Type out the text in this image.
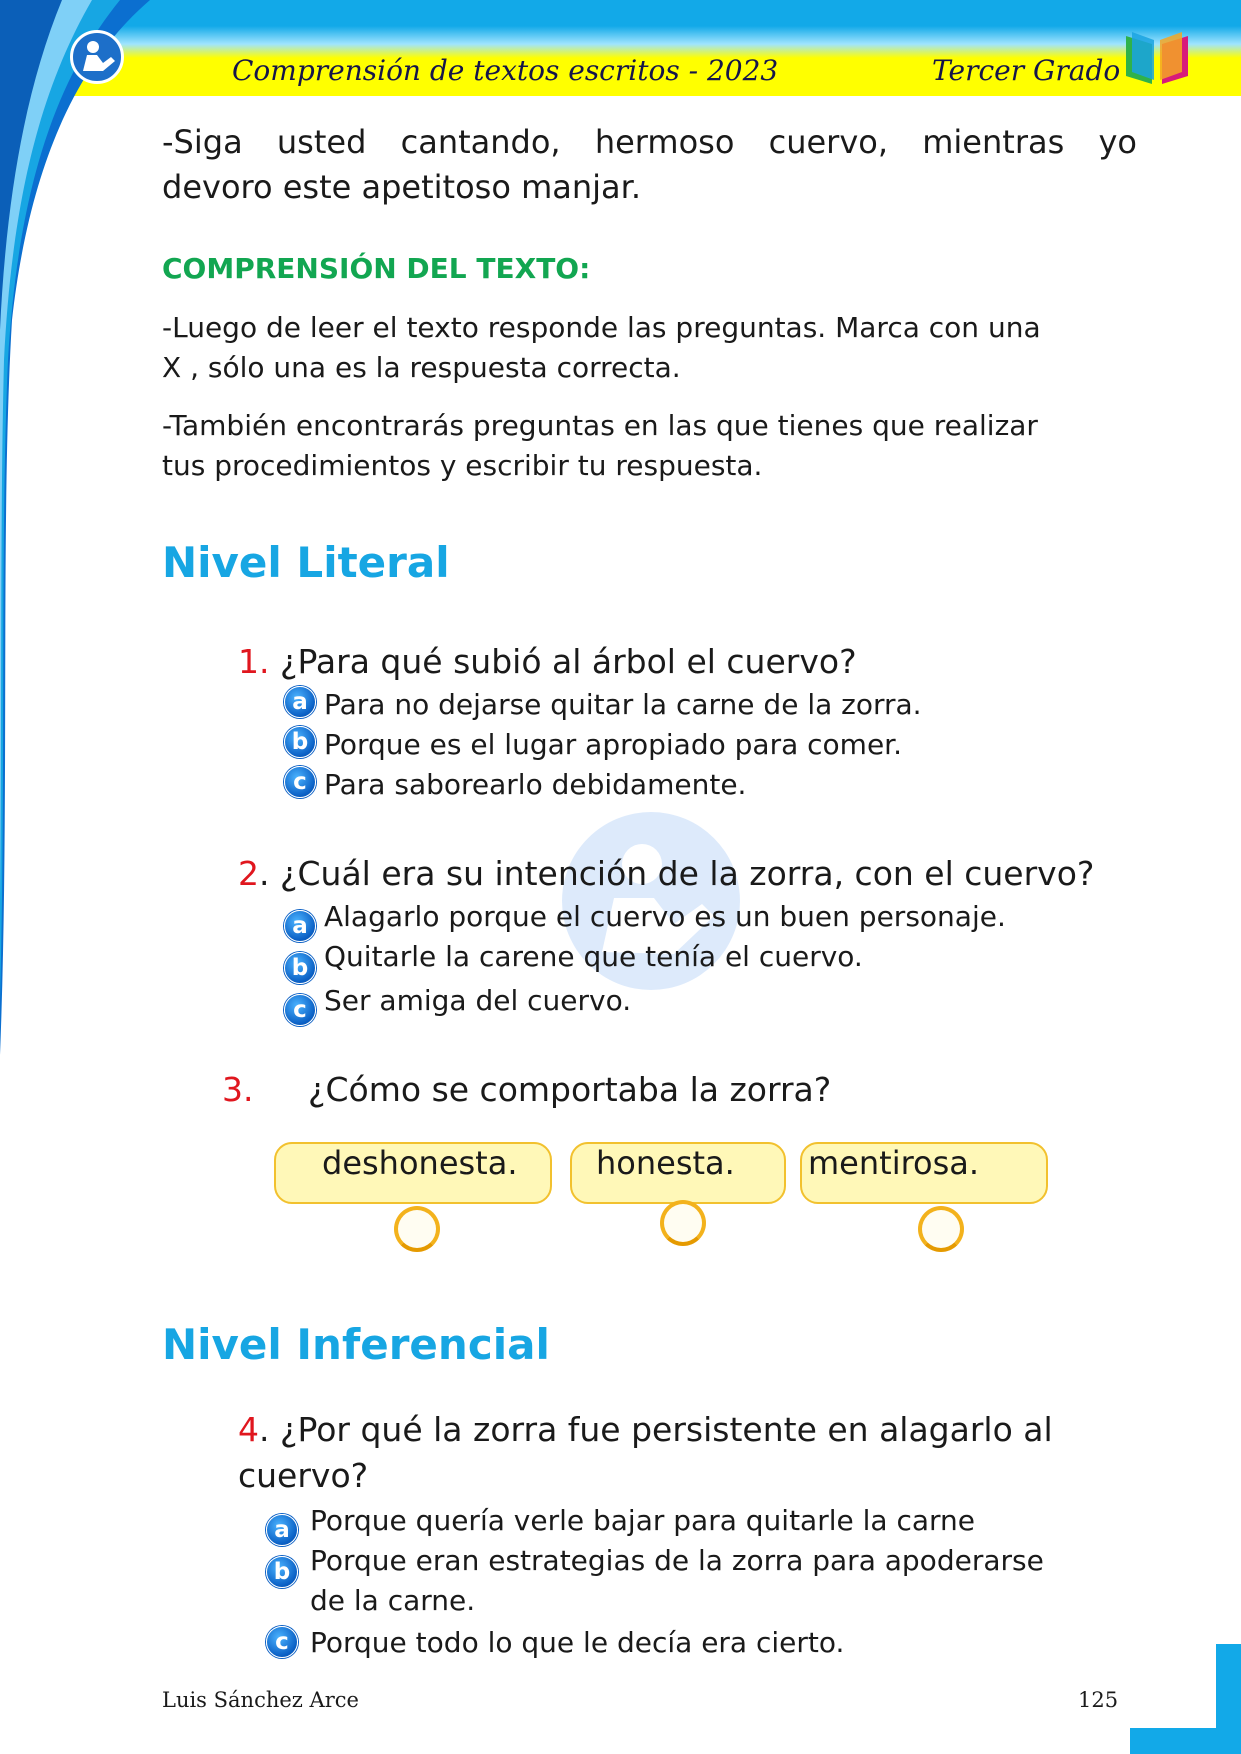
Comprensión de textos escritos - 2023	Tercer Grado
-Siga usted cantando, hermoso cuervo, mientras yo
devoro este apetitoso manjar.
COMPRENSIÓN DEL TEXTO:
-Luego de leer el texto responde las preguntas. Marca con una
X , sólo una es la respuesta correcta.
-También encontrarás preguntas en las que tienes que realizar
tus procedimientos y escribir tu respuesta.
Nivel Literal
1. ¿Para qué subió al árbol el cuervo?
a Para no dejarse quitar la carne de la zorra.
b Porque es el lugar apropiado para comer.
c Para saborearlo debidamente.
2. ¿Cuál era su intención de la zorra, con el cuervo?
a Alagarlo porque el cuervo es un buen personaje.
b Quitarle la carene que tenía el cuervo.
c Ser amiga del cuervo.
3. ¿Cómo se comportaba la zorra?
deshonesta. honesta. mentirosa.
Nivel Inferencial
4. ¿Por qué la zorra fue persistente en alagarlo al
cuervo?
a Porque quería verle bajar para quitarle la carne
b Porque eran estrategias de la zorra para apoderarse
de la carne.
c Porque todo lo que le decía era cierto.
Luis Sánchez Arce	125
